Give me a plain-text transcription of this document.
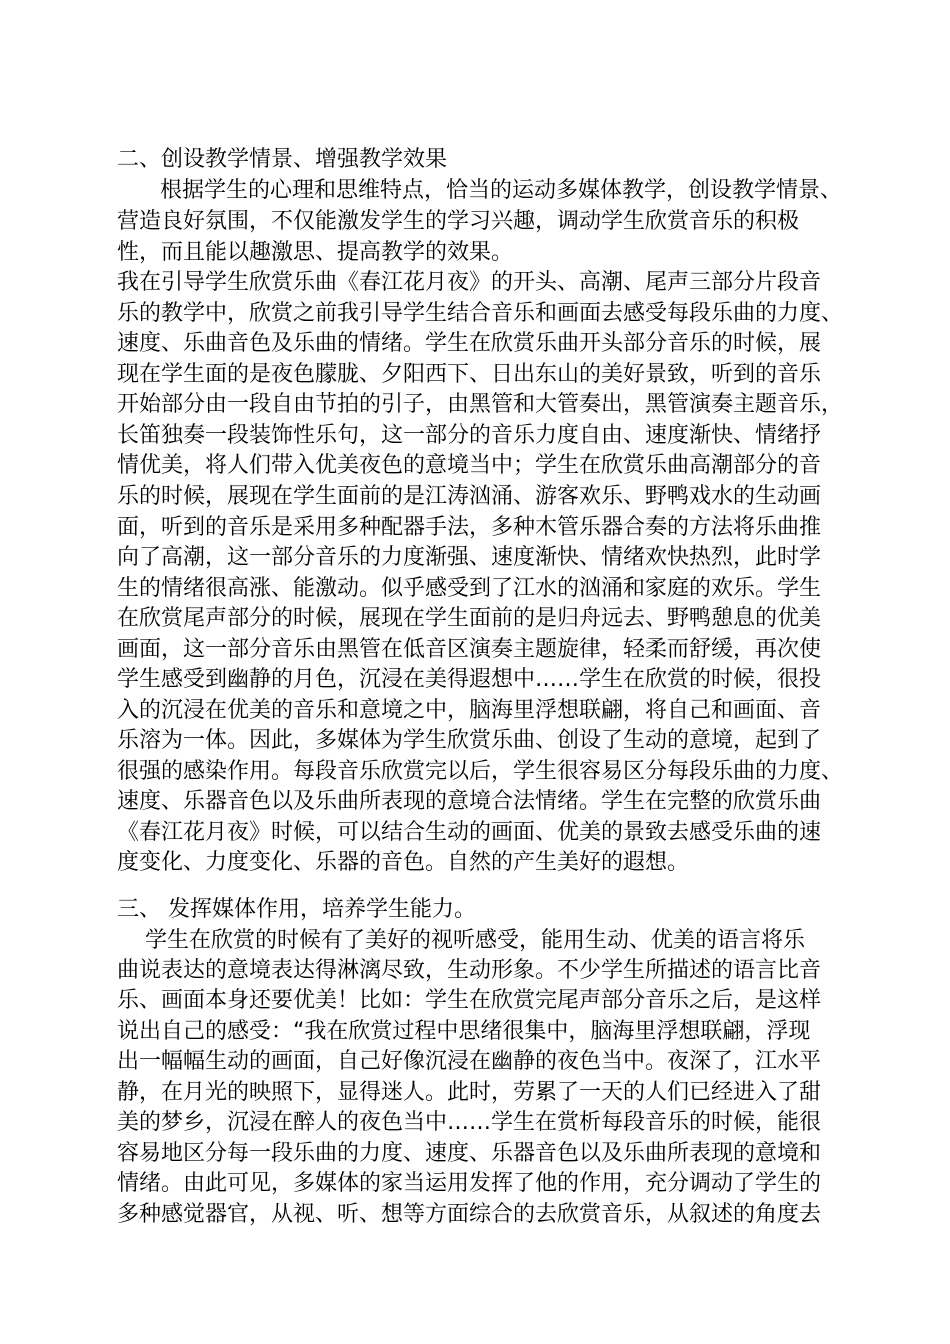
二、创设教学情景、增强教学效果
根据学生的心理和思维特点，恰当的运动多媒体教学，创设教学情景、
营造良好氛围，不仅能激发学生的学习兴趣，调动学生欣赏音乐的积极
性，而且能以趣激思、提高教学的效果。
我在引导学生欣赏乐曲《春江花月夜》的开头、高潮、尾声三部分片段音
乐的教学中，欣赏之前我引导学生结合音乐和画面去感受每段乐曲的力度、
速度、乐曲音色及乐曲的情绪。学生在欣赏乐曲开头部分音乐的时候，展
现在学生面的是夜色朦胧、夕阳西下、日出东山的美好景致，听到的音乐
开始部分由一段自由节拍的引子，由黑管和大管奏出，黑管演奏主题音乐，
长笛独奏一段装饰性乐句，这一部分的音乐力度自由、速度渐快、情绪抒
情优美，将人们带入优美夜色的意境当中；学生在欣赏乐曲高潮部分的音
乐的时候，展现在学生面前的是江涛汹涌、游客欢乐、野鸭戏水的生动画
面，听到的音乐是采用多种配器手法，多种木管乐器合奏的方法将乐曲推
向了高潮，这一部分音乐的力度渐强、速度渐快、情绪欢快热烈，此时学
生的情绪很高涨、能激动。似乎感受到了江水的汹涌和家庭的欢乐。学生
在欣赏尾声部分的时候，展现在学生面前的是归舟远去、野鸭憩息的优美
画面，这一部分音乐由黑管在低音区演奏主题旋律，轻柔而舒缓，再次使
学生感受到幽静的月色，沉浸在美得遐想中……学生在欣赏的时候，很投
入的沉浸在优美的音乐和意境之中，脑海里浮想联翩，将自己和画面、音
乐溶为一体。因此，多媒体为学生欣赏乐曲、创设了生动的意境，起到了
很强的感染作用。每段音乐欣赏完以后，学生很容易区分每段乐曲的力度、
速度、乐器音色以及乐曲所表现的意境合法情绪。学生在完整的欣赏乐曲
《春江花月夜》时候，可以结合生动的画面、优美的景致去感受乐曲的速
度变化、力度变化、乐器的音色。自然的产生美好的遐想。
三、 发挥媒体作用，培养学生能力。
学生在欣赏的时候有了美好的视听感受，能用生动、优美的语言将乐
曲说表达的意境表达得淋漓尽致，生动形象。不少学生所描述的语言比音
乐、画面本身还要优美！比如：学生在欣赏完尾声部分音乐之后，是这样
说出自己的感受：“我在欣赏过程中思绪很集中，脑海里浮想联翩，浮现
出一幅幅生动的画面，自己好像沉浸在幽静的夜色当中。夜深了，江水平
静，在月光的映照下，显得迷人。此时，劳累了一天的人们已经进入了甜
美的梦乡，沉浸在醉人的夜色当中……学生在赏析每段音乐的时候，能很
容易地区分每一段乐曲的力度、速度、乐器音色以及乐曲所表现的意境和
情绪。由此可见，多媒体的家当运用发挥了他的作用，充分调动了学生的
多种感觉器官，从视、听、想等方面综合的去欣赏音乐，从叙述的角度去
